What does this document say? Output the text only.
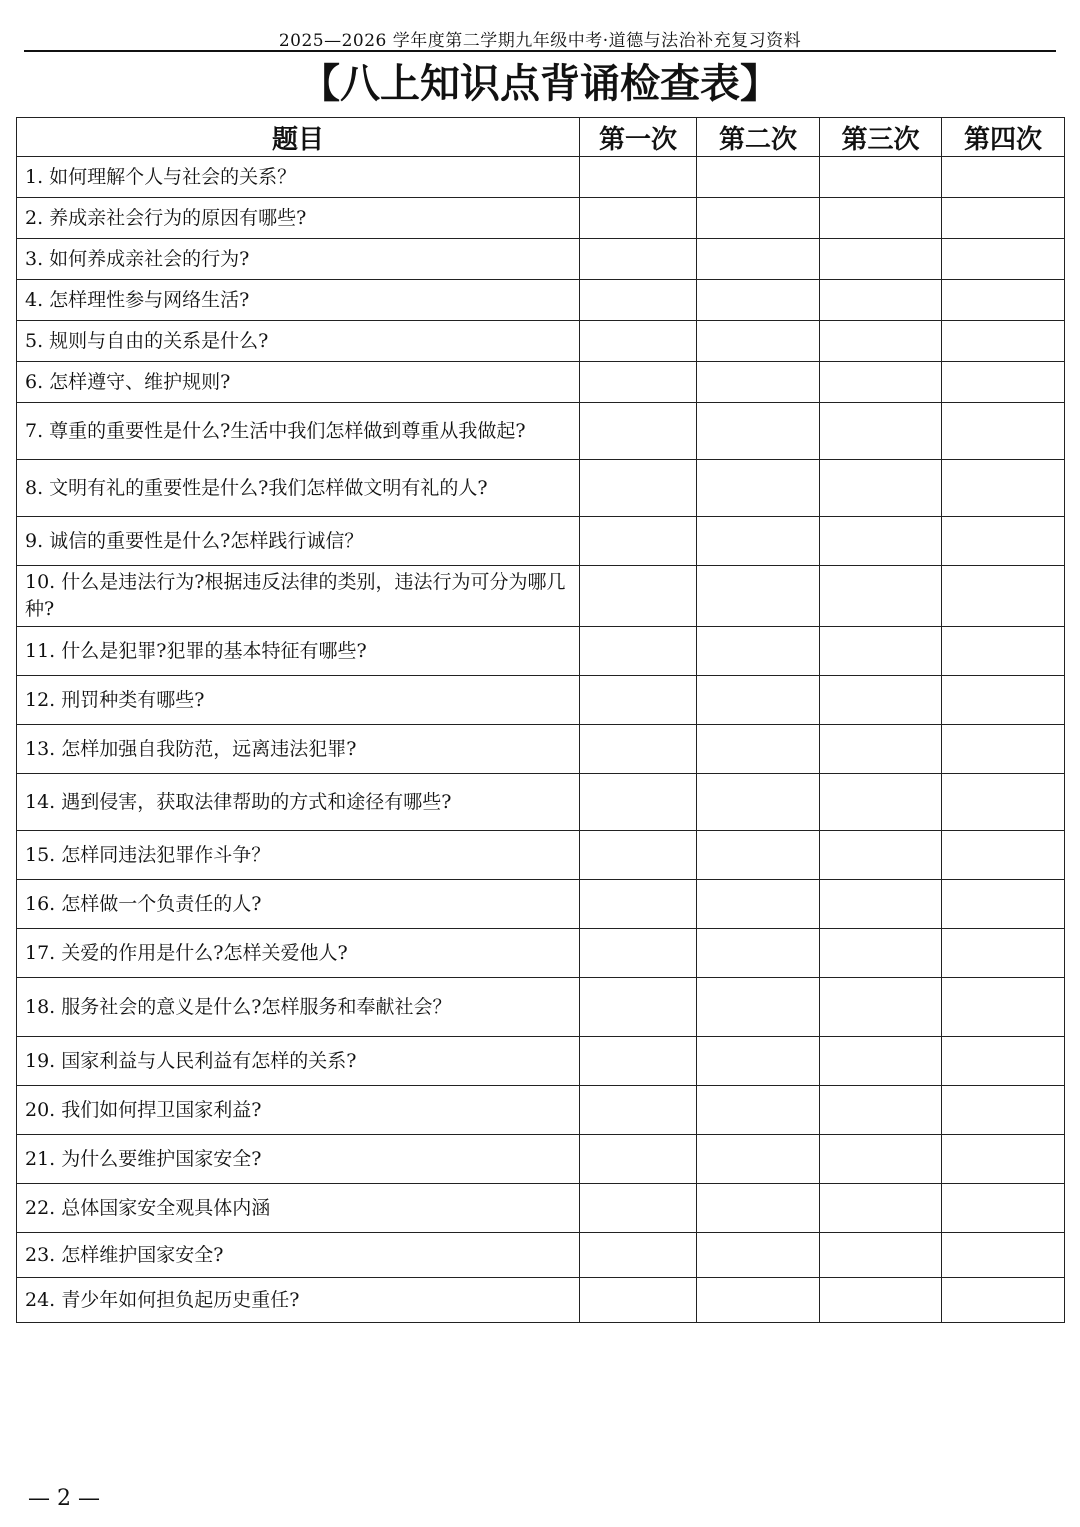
2025—2026 学年度第二学期九年级中考·道德与法治补充复习资料
【八上知识点背诵检查表】
题目	第一次	第二次	第三次	第四次
1. 如何理解个人与社会的关系？				
2. 养成亲社会行为的原因有哪些?				
3. 如何养成亲社会的行为?				
4. 怎样理性参与网络生活?				
5. 规则与自由的关系是什么?				
6. 怎样遵守、维护规则?				
7. 尊重的重要性是什么?生活中我们怎样做到尊重从我做起?				
8. 文明有礼的重要性是什么?我们怎样做文明有礼的人?				
9. 诚信的重要性是什么?怎样践行诚信？				
10. 什么是违法行为?根据违反法律的类别，违法行为可分为哪几种?				
11. 什么是犯罪?犯罪的基本特征有哪些?				
12. 刑罚种类有哪些?				
13. 怎样加强自我防范，远离违法犯罪?				
14. 遇到侵害，获取法律帮助的方式和途径有哪些?				
15. 怎样同违法犯罪作斗争？				
16. 怎样做一个负责任的人?				
17. 关爱的作用是什么?怎样关爱他人?				
18. 服务社会的意义是什么?怎样服务和奉献社会？				
19. 国家利益与人民利益有怎样的关系?				
20. 我们如何捍卫国家利益?				
21. 为什么要维护国家安全?				
22. 总体国家安全观具体内涵				
23. 怎样维护国家安全?				
24. 青少年如何担负起历史重任?				
— 2 —
